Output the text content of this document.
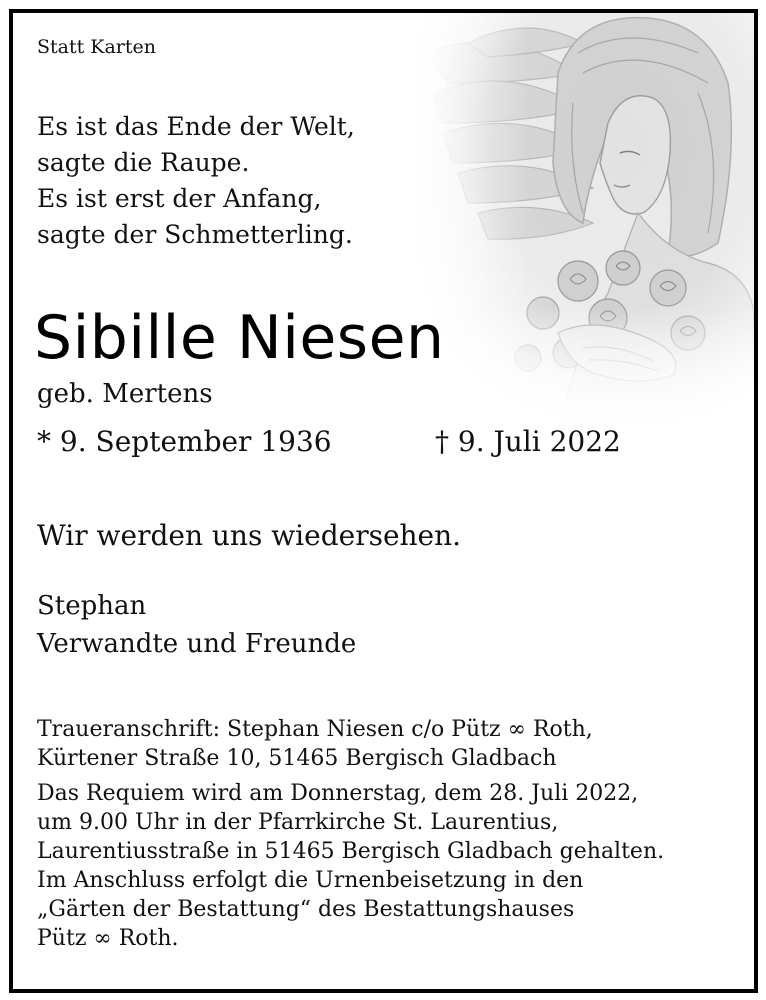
Statt Karten
Es ist das Ende der Welt,
sagte die Raupe.
Es ist erst der Anfang,
sagte der Schmetterling.
Sibille Niesen
geb. Mertens
* 9. September 1936	† 9. Juli 2022
Wir werden uns wiedersehen.
Stephan
Verwandte und Freunde
Traueranschrift: Stephan Niesen c/o Pütz ∞ Roth,
Kürtener Straße 10, 51465 Bergisch Gladbach
Das Requiem wird am Donnerstag, dem 28. Juli 2022,
um 9.00 Uhr in der Pfarrkirche St. Laurentius,
Laurentiusstraße in 51465 Bergisch Gladbach gehalten.
Im Anschluss erfolgt die Urnenbeisetzung in den
„Gärten der Bestattung“ des Bestattungshauses
Pütz ∞ Roth.
